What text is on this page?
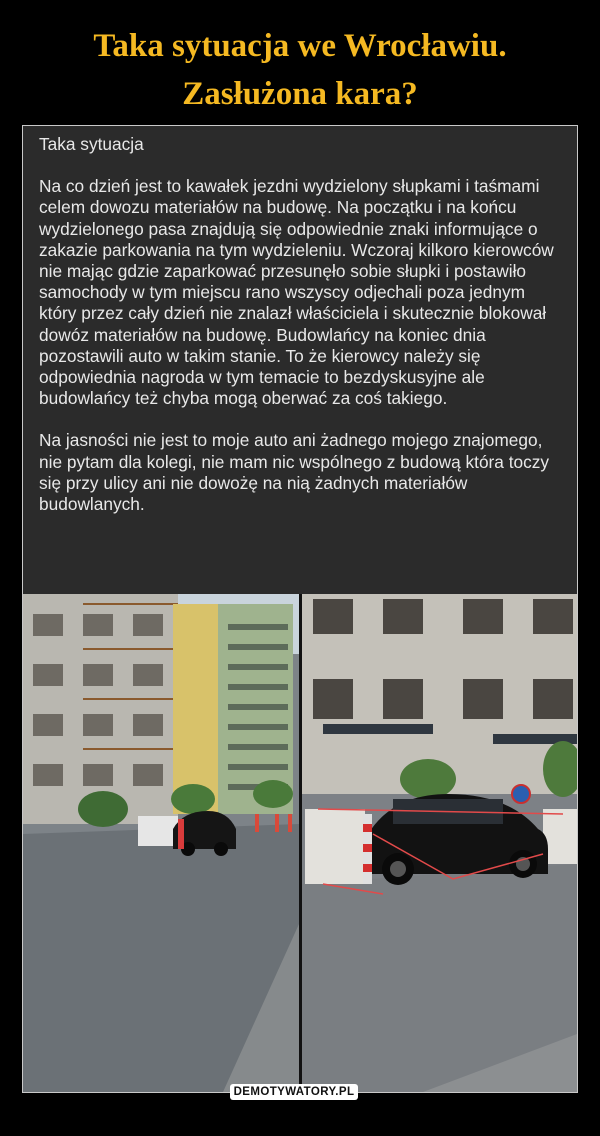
Taka sytuacja we Wrocławiu.
Zasłużona kara?

Taka sytuacja

Na co dzień jest to kawałek jezdni wydzielony słupkami i taśmami celem dowozu materiałów na budowę. Na początku i na końcu wydzielonego pasa znajdują się odpowiednie znaki informujące o zakazie parkowania na tym wydzieleniu. Wczoraj kilkoro kierowców nie mając gdzie zaparkować przesunęło sobie słupki i postawiło samochody w tym miejscu rano wszyscy odjechali poza jednym który przez cały dzień nie znalazł właściciela i skutecznie blokował dowóz materiałów na budowę. Budowlańcy na koniec dnia pozostawili auto w takim stanie. To że kierowcy należy się odpowiednia nagroda w tym temacie to bezdyskusyjne ale budowlańcy też chyba mogą oberwać za coś takiego.

Na jasności nie jest to moje auto ani żadnego mojego znajomego, nie pytam dla kolegi, nie mam nic wspólnego z budową która toczy się przy ulicy ani nie dowożę na nią żadnych materiałów budowlanych.

DEMOTYWATORY.PL
